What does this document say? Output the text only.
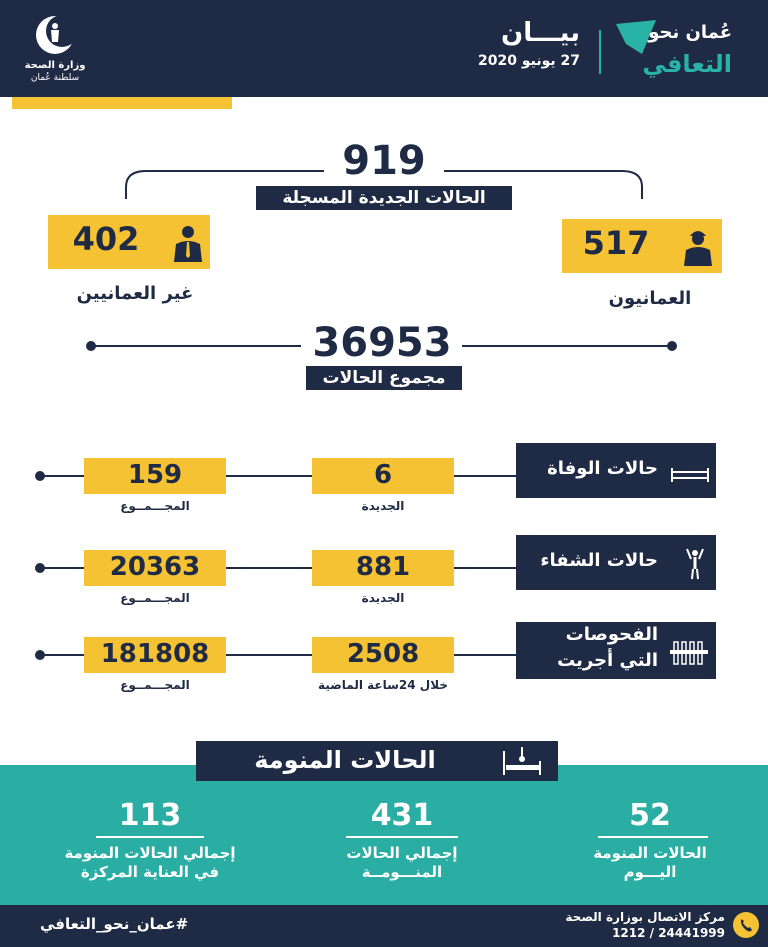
وزارة الصحة
سلطنة عُمان
بيـــان
27 يونيو 2020
عُمان نحو
التعافي
919
الحالات الجديدة المسجلة
517
العمانيون
402
غير العمانيين
36953
مجموع الحالات
159
المجـــمــوع
6
الجديدة
حالات الوفاة
20363
المجـــمــوع
881
الجديدة
حالات الشفاء
181808
المجـــمــوع
2508
خلال 24ساعة الماضية
الفحوصات
التي أجريت
الحالات المنومة
52
الحالات المنومة
اليـــوم
431
إجمالي الحالات
المنـــومــة
113
إجمالي الحالات المنومة
في العناية المركزة
#عمان_نحو_التعافي	مركز الاتصال بوزارة الصحة
1212 / 24441999
